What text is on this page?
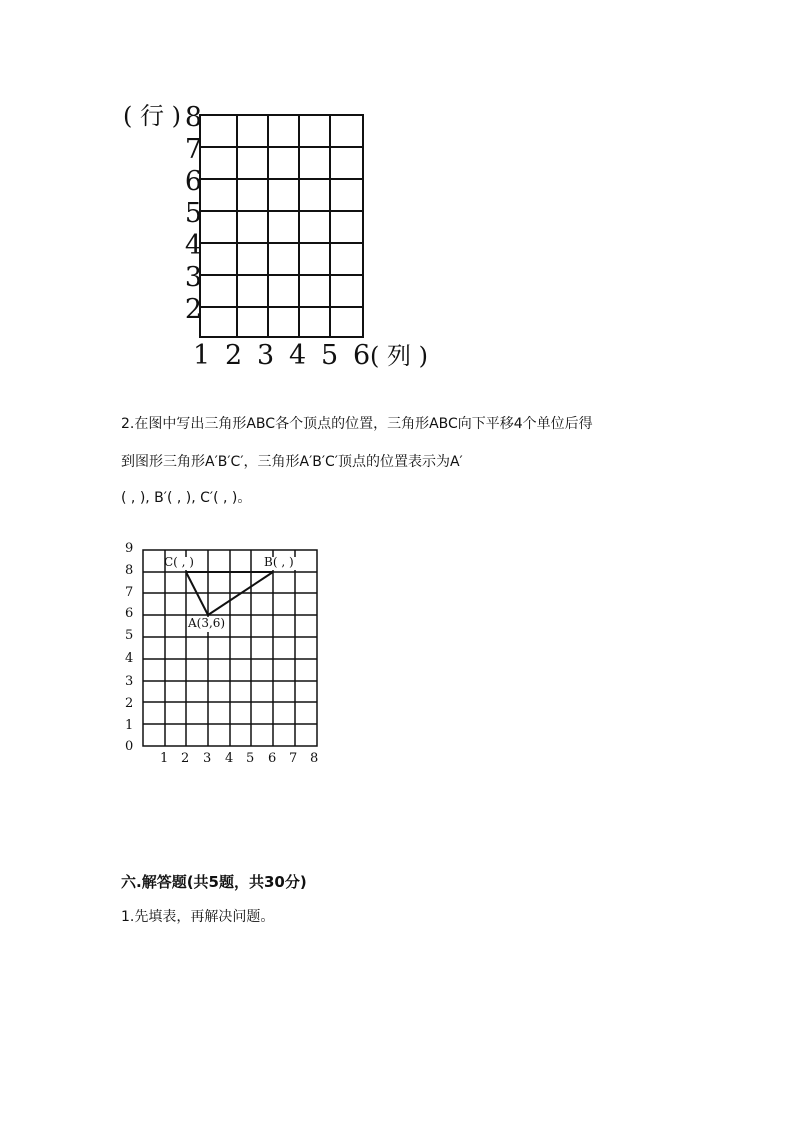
( 行 ) 8
7
6
5
4
3
2
1 2 3 4 5 6 ( 列 )
2.在图中写出三角形ABC各个顶点的位置，三角形ABC向下平移4个单位后得
到图形三角形A′B′C′，三角形A′B′C′顶点的位置表示为A′
( , ), B′( , ), C′( , )。
9
8
7
6
5
4
3
2
1
0
C( , )	B( , )
A(3,6)
1 2 3 4 5 6 7 8
六.解答题(共5题，共30分)
1.先填表，再解决问题。
